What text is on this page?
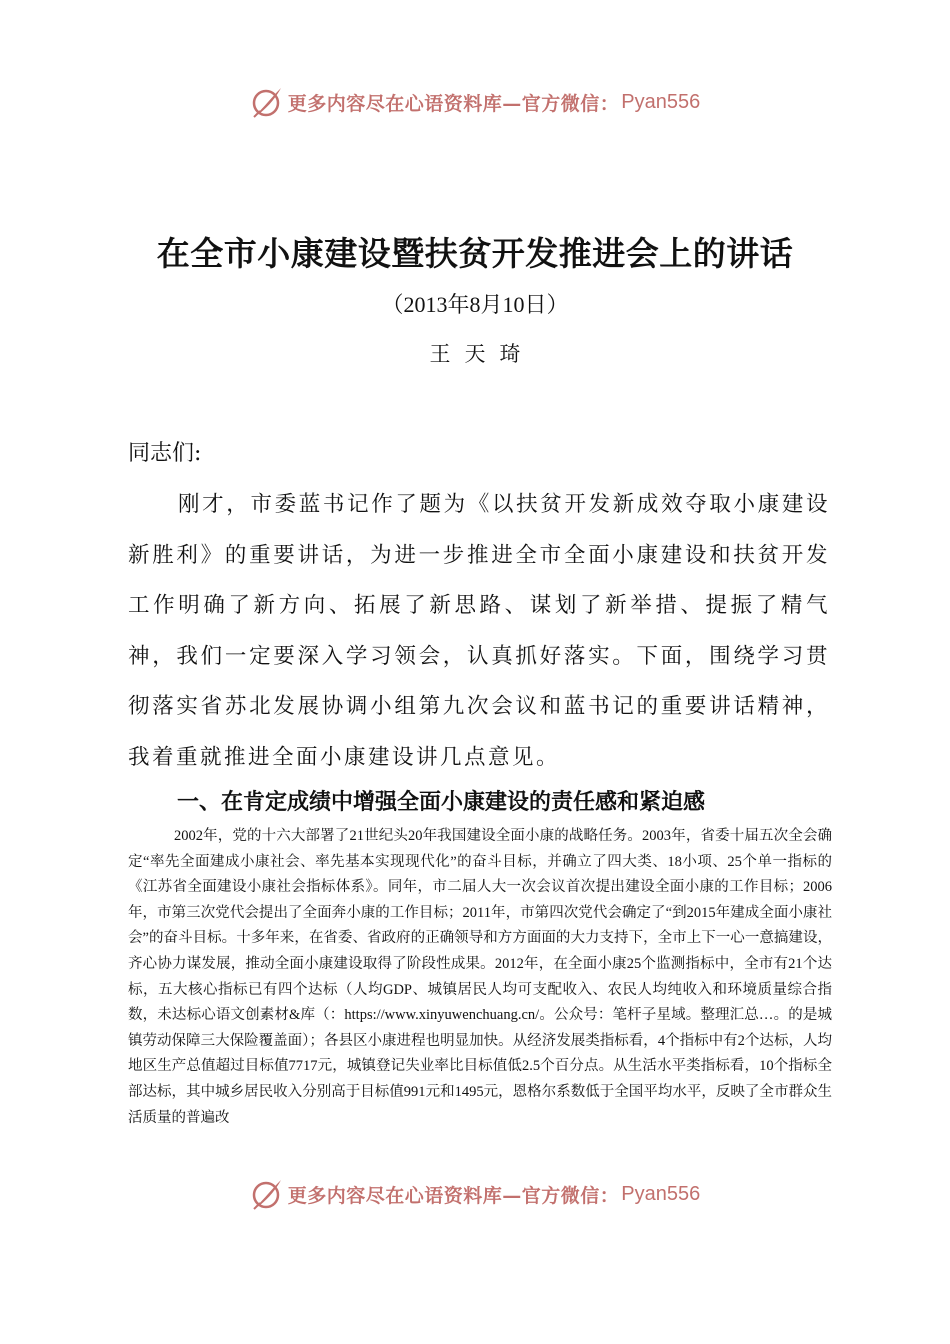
更多内容尽在心语资料库—官方微信： Pyan556
在全市小康建设暨扶贫开发推进会上的讲话
（2013年8月10日）
王天琦
同志们:

刚才，市委蓝书记作了题为《以扶贫开发新成效夺取小康建设新胜利》的重要讲话，为进一步推进全市全面小康建设和扶贫开发工作明确了新方向、拓展了新思路、谋划了新举措、提振了精气神，我们一定要深入学习领会，认真抓好落实。下面，围绕学习贯彻落实省苏北发展协调小组第九次会议和蓝书记的重要讲话精神，我着重就推进全面小康建设讲几点意见。

一、在肯定成绩中增强全面小康建设的责任感和紧迫感

2002年，党的十六大部署了21世纪头20年我国建设全面小康的战略任务。2003年，省委十届五次全会确定“率先全面建成小康社会、率先基本实现现代化”的奋斗目标，并确立了四大类、18小项、25个单一指标的《江苏省全面建设小康社会指标体系》。同年，市二届人大一次会议首次提出建设全面小康的工作目标；2006年，市第三次党代会提出了全面奔小康的工作目标；2011年，市第四次党代会确定了“到2015年建成全面小康社会”的奋斗目标。十多年来，在省委、省政府的正确领导和方方面面的大力支持下，全市上下一心一意搞建设，齐心协力谋发展，推动全面小康建设取得了阶段性成果。2012年，在全面小康25个监测指标中，全市有21个达标，五大核心指标已有四个达标（人均GDP、城镇居民人均可支配收入、农民人均纯收入和环境质量综合指数，未达标心语文创素材&库（：https://www.xinyuwenchuang.cn/。公众号：笔杆子星域。整理汇总…。的是城镇劳动保障三大保险覆盖面）；各县区小康进程也明显加快。从经济发展类指标看，4个指标中有2个达标，人均地区生产总值超过目标值7717元，城镇登记失业率比目标值低2.5个百分点。从生活水平类指标看，10个指标全部达标，其中城乡居民收入分别高于目标值991元和1495元，恩格尔系数低于全国平均水平，反映了全市群众生活质量的普遍改

更多内容尽在心语资料库—官方微信： Pyan556
